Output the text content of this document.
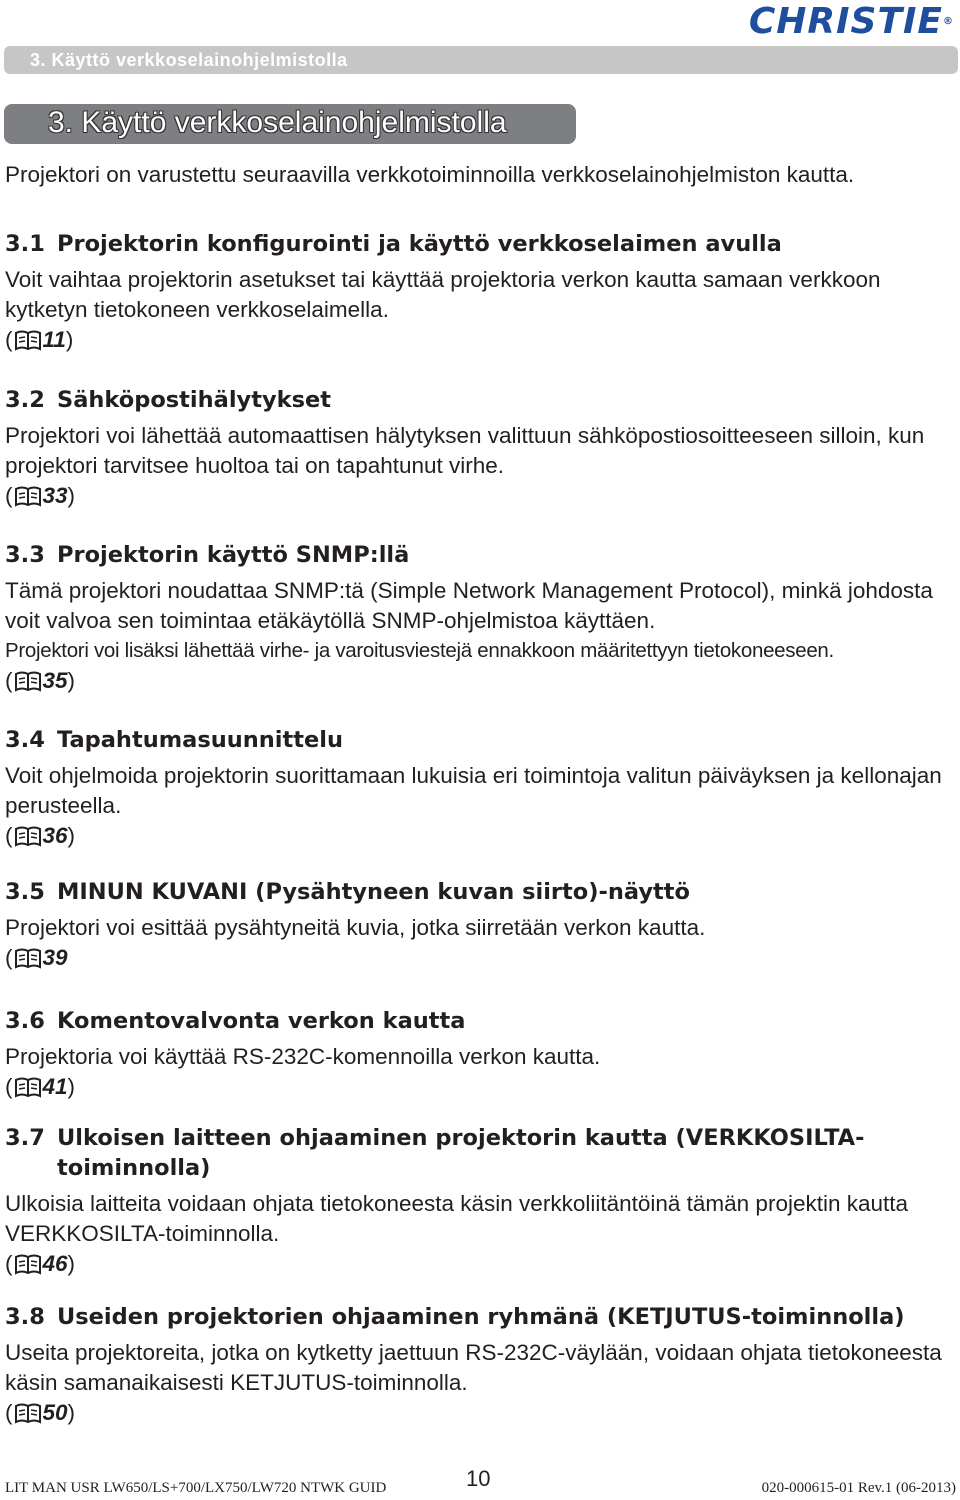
CHRISTIE®
3. Käyttö verkkoselainohjelmistolla
3. Käyttö verkkoselainohjelmistolla

Projektori on varustettu seuraavilla verkkotoiminnoilla verkkoselainohjelmiston kautta.

3.1 Projektorin konfigurointi ja käyttö verkkoselaimen avulla

Voit vaihtaa projektorin asetukset tai käyttää projektoria verkon kautta samaan verkkoon kytketyn tietokoneen verkkoselaimella.

( 11 )

3.2 Sähköpostihälytykset

Projektori voi lähettää automaattisen hälytyksen valittuun sähköpostiosoitteeseen silloin, kun projektori tarvitsee huoltoa tai on tapahtunut virhe.

( 33 )

3.3 Projektorin käyttö SNMP:llä

Tämä projektori noudattaa SNMP:tä (Simple Network Management Protocol), minkä johdosta voit valvoa sen toimintaa etäkäytöllä SNMP-ohjelmistoa käyttäen.

Projektori voi lisäksi lähettää virhe- ja varoitusviestejä ennakkoon määritettyyn tietokoneeseen.

( 35 )

3.4 Tapahtumasuunnittelu

Voit ohjelmoida projektorin suorittamaan lukuisia eri toimintoja valitun päiväyksen ja kellonajan perusteella.

( 36 )

3.5 MINUN KUVANI (Pysähtyneen kuvan siirto)-näyttö

Projektori voi esittää pysähtyneitä kuvia, jotka siirretään verkon kautta.

( 39

3.6 Komentovalvonta verkon kautta

Projektoria voi käyttää RS-232C-komennoilla verkon kautta.

( 41 )

3.7 Ulkoisen laitteen ohjaaminen projektorin kautta (VERKKOSILTA-toiminnolla)

Ulkoisia laitteita voidaan ohjata tietokoneesta käsin verkkoliitäntöinä tämän projektin kautta VERKKOSILTA-toiminnolla.

( 46 )

3.8 Useiden projektorien ohjaaminen ryhmänä (KETJUTUS-toiminnolla)

Useita projektoreita, jotka on kytketty jaettuun RS-232C-väylään, voidaan ohjata tietokoneesta käsin samanaikaisesti KETJUTUS-toiminnolla.

( 50 )

LIT MAN USR LW650/LS+700/LX750/LW720 NTWK GUID	10	020-000615-01 Rev.1 (06-2013)
